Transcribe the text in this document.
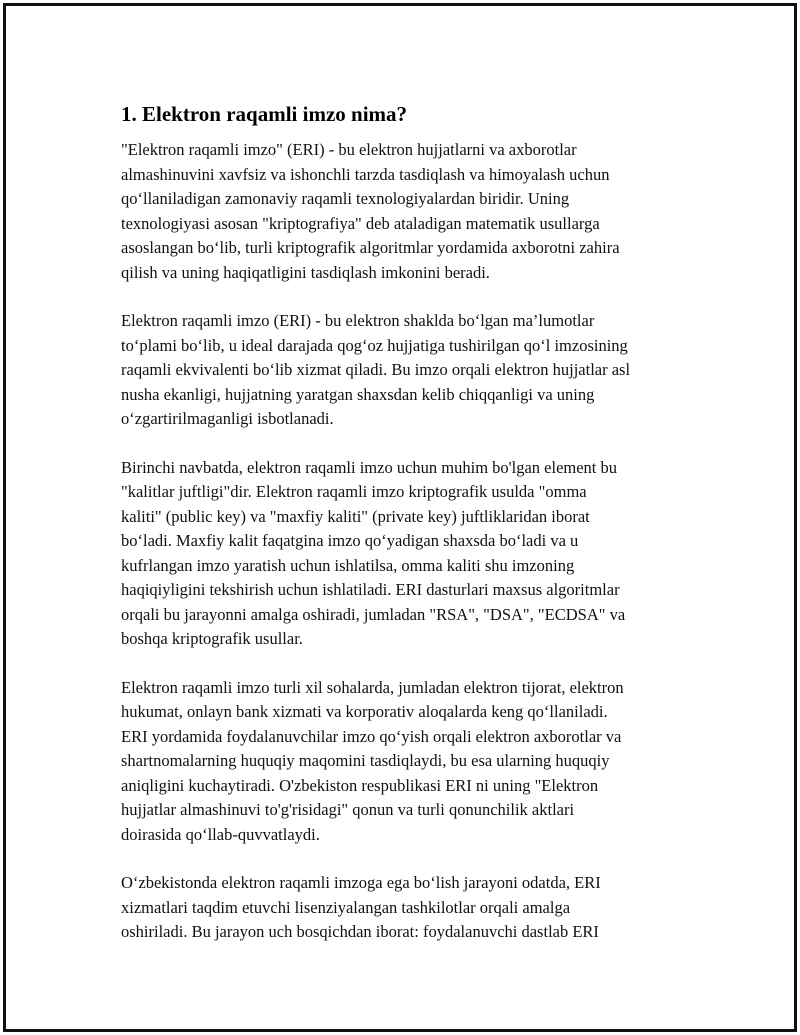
1. Elektron raqamli imzo nima?

"Elektron raqamli imzo" (ERI) - bu elektron hujjatlarni va axborotlar
almashinuvini xavfsiz va ishonchli tarzda tasdiqlash va himoyalash uchun
qo‘llaniladigan zamonaviy raqamli texnologiyalardan biridir. Uning
texnologiyasi asosan "kriptografiya" deb ataladigan matematik usullarga
asoslangan bo‘lib, turli kriptografik algoritmlar yordamida axborotni zahira
qilish va uning haqiqatligini tasdiqlash imkonini beradi.

Elektron raqamli imzo (ERI) - bu elektron shaklda bo‘lgan ma’lumotlar
to‘plami bo‘lib, u ideal darajada qog‘oz hujjatiga tushirilgan qo‘l imzosining
raqamli ekvivalenti bo‘lib xizmat qiladi. Bu imzo orqali elektron hujjatlar asl
nusha ekanligi, hujjatning yaratgan shaxsdan kelib chiqqanligi va uning
o‘zgartirilmaganligi isbotlanadi.

Birinchi navbatda, elektron raqamli imzo uchun muhim bo'lgan element bu
"kalitlar juftligi"dir. Elektron raqamli imzo kriptografik usulda "omma
kaliti" (public key) va "maxfiy kaliti" (private key) juftliklaridan iborat
bo‘ladi. Maxfiy kalit faqatgina imzo qo‘yadigan shaxsda bo‘ladi va u
kufrlangan imzo yaratish uchun ishlatilsa, omma kaliti shu imzoning
haqiqiyligini tekshirish uchun ishlatiladi. ERI dasturlari maxsus algoritmlar
orqali bu jarayonni amalga oshiradi, jumladan "RSA", "DSA", "ECDSA" va
boshqa kriptografik usullar.

Elektron raqamli imzo turli xil sohalarda, jumladan elektron tijorat, elektron
hukumat, onlayn bank xizmati va korporativ aloqalarda keng qo‘llaniladi.
ERI yordamida foydalanuvchilar imzo qo‘yish orqali elektron axborotlar va
shartnomalarning huquqiy maqomini tasdiqlaydi, bu esa ularning huquqiy
aniqligini kuchaytiradi. O'zbekiston respublikasi ERI ni uning "Elektron
hujjatlar almashinuvi to'g'risidagi" qonun va turli qonunchilik aktlari
doirasida qo‘llab-quvvatlaydi.

O‘zbekistonda elektron raqamli imzoga ega bo‘lish jarayoni odatda, ERI
xizmatlari taqdim etuvchi lisenziyalangan tashkilotlar orqali amalga
oshiriladi. Bu jarayon uch bosqichdan iborat: foydalanuvchi dastlab ERI
